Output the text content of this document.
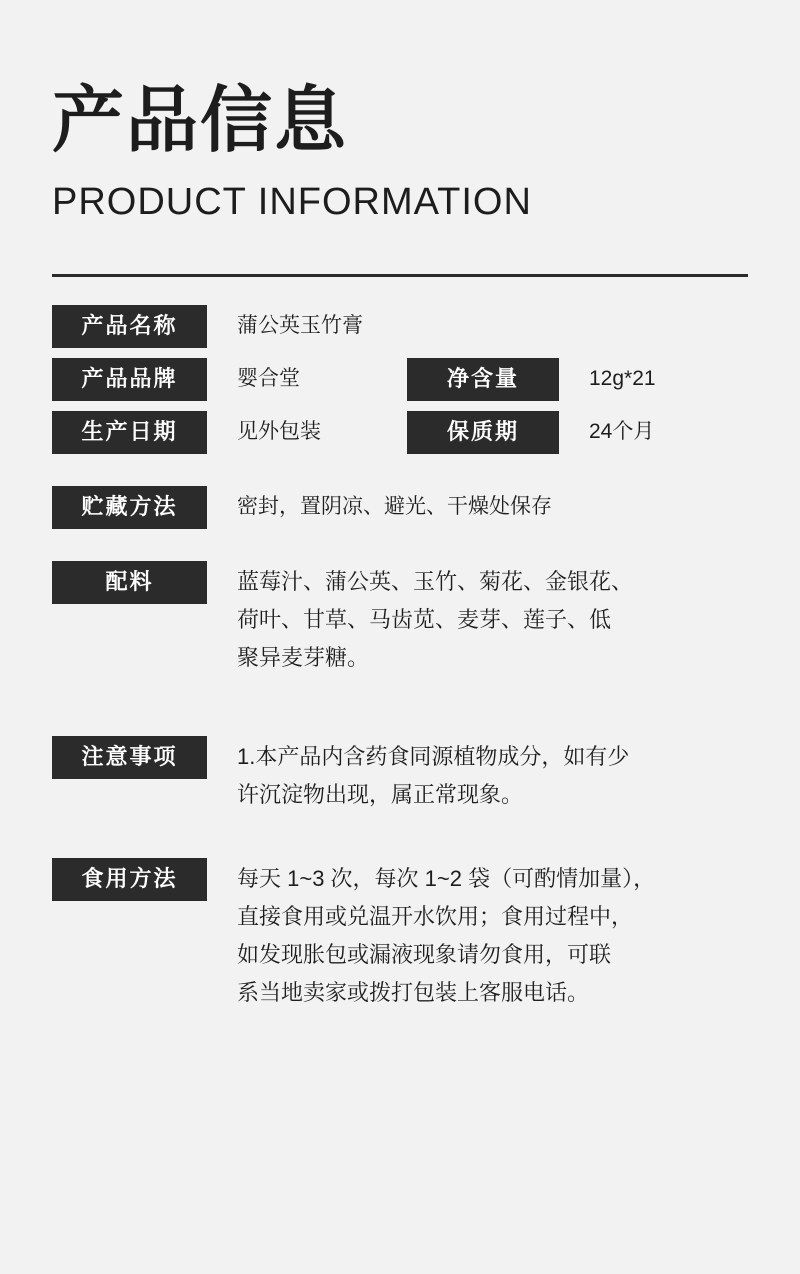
产品信息
PRODUCT INFORMATION
产品名称	蒲公英玉竹膏
产品品牌	婴合堂	净含量	12g*21
生产日期	见外包装	保质期	24个月
贮藏方法	密封，置阴凉、避光、干燥处保存
配料	蓝莓汁、蒲公英、玉竹、菊花、金银花、
荷叶、甘草、马齿苋、麦芽、莲子、低
聚异麦芽糖。
注意事项	1.本产品内含药食同源植物成分，如有少
许沉淀物出现，属正常现象。
食用方法	每天 1~3 次，每次 1~2 袋（可酌情加量），
直接食用或兑温开水饮用；食用过程中，
如发现胀包或漏液现象请勿食用，可联
系当地卖家或拨打包装上客服电话。
